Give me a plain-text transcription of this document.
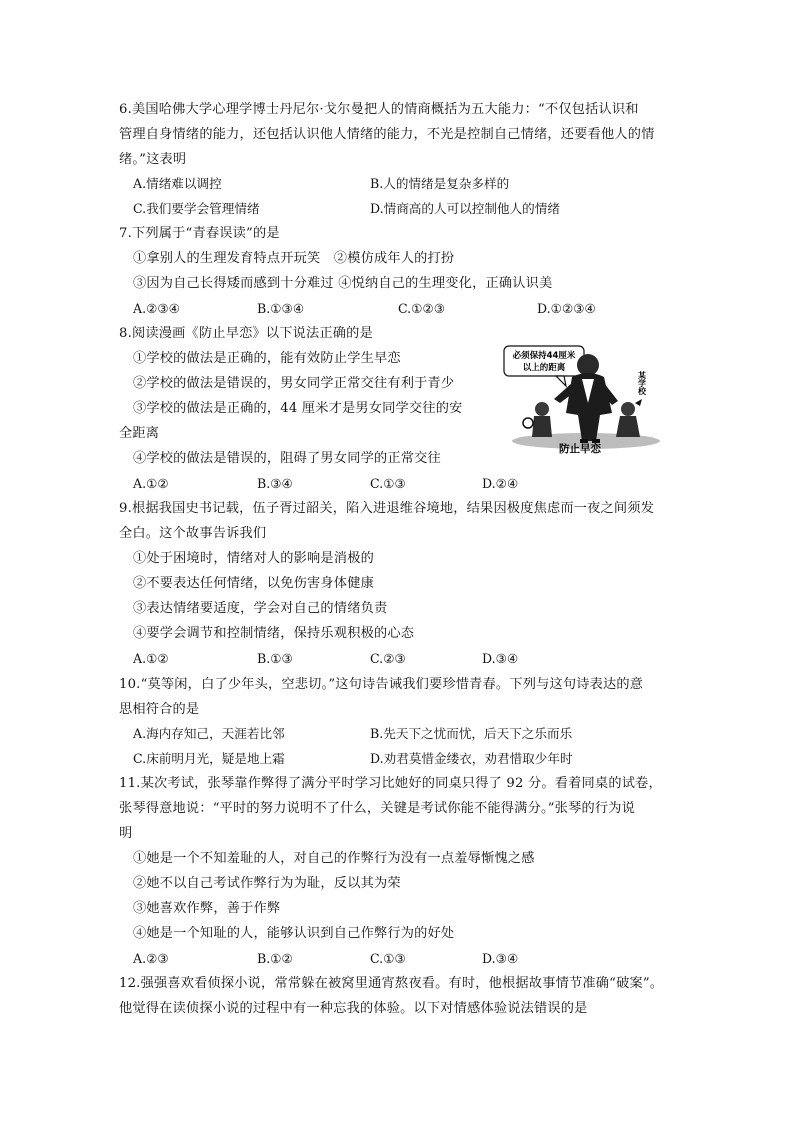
6.美国哈佛大学心理学博士丹尼尔·戈尔曼把人的情商概括为五大能力：“不仅包括认识和
管理自身情绪的能力，还包括认识他人情绪的能力，不光是控制自己情绪，还要看他人的情
绪。”这表明
A.情绪难以调控	B.人的情绪是复杂多样的
C.我们要学会管理情绪	D.情商高的人可以控制他人的情绪
7.下列属于“青春误读”的是
①拿别人的生理发育特点开玩笑　②模仿成年人的打扮
③因为自己长得矮而感到十分难过 ④悦纳自己的生理变化，正确认识美
A.②③④	B.①③④	C.①②③	D.①②③④
8.阅读漫画《防止早恋》以下说法正确的是
①学校的做法是正确的，能有效防止学生早恋
②学校的做法是错误的，男女同学正常交往有利于青少
③学校的做法是正确的，44 厘米才是男女同学交往的安
全距离
④学校的做法是错误的，阻碍了男女同学的正常交往
A.①②	B.③④	C.①③	D.②④
必须保持44厘米
以上的距离
某学校
防止早恋
9.根据我国史书记载，伍子胥过韶关，陷入进退维谷境地，结果因极度焦虑而一夜之间须发
全白。这个故事告诉我们
①处于困境时，情绪对人的影响是消极的
②不要表达任何情绪，以免伤害身体健康
③表达情绪要适度，学会对自己的情绪负责
④要学会调节和控制情绪，保持乐观积极的心态
A.①②	B.①③	C.②③	D.③④
10.“莫等闲，白了少年头，空悲切。”这句诗告诫我们要珍惜青春。下列与这句诗表达的意
思相符合的是
A.海内存知己，天涯若比邻	B.先天下之忧而忧，后天下之乐而乐
C.床前明月光，疑是地上霜	D.劝君莫惜金缕衣，劝君惜取少年时
11.某次考试，张琴靠作弊得了满分平时学习比她好的同桌只得了 92 分。看着同桌的试卷，
张琴得意地说：“平时的努力说明不了什么，关键是考试你能不能得满分。”张琴的行为说
明
①她是一个不知羞耻的人，对自己的作弊行为没有一点羞辱惭愧之感
②她不以自己考试作弊行为为耻，反以其为荣
③她喜欢作弊，善于作弊
④她是一个知耻的人，能够认识到自己作弊行为的好处
A.②③	B.①②	C.①③	D.③④
12.强强喜欢看侦探小说，常常躲在被窝里通宵熬夜看。有时，他根据故事情节准确“破案”。
他觉得在读侦探小说的过程中有一种忘我的体验。以下对情感体验说法错误的是
